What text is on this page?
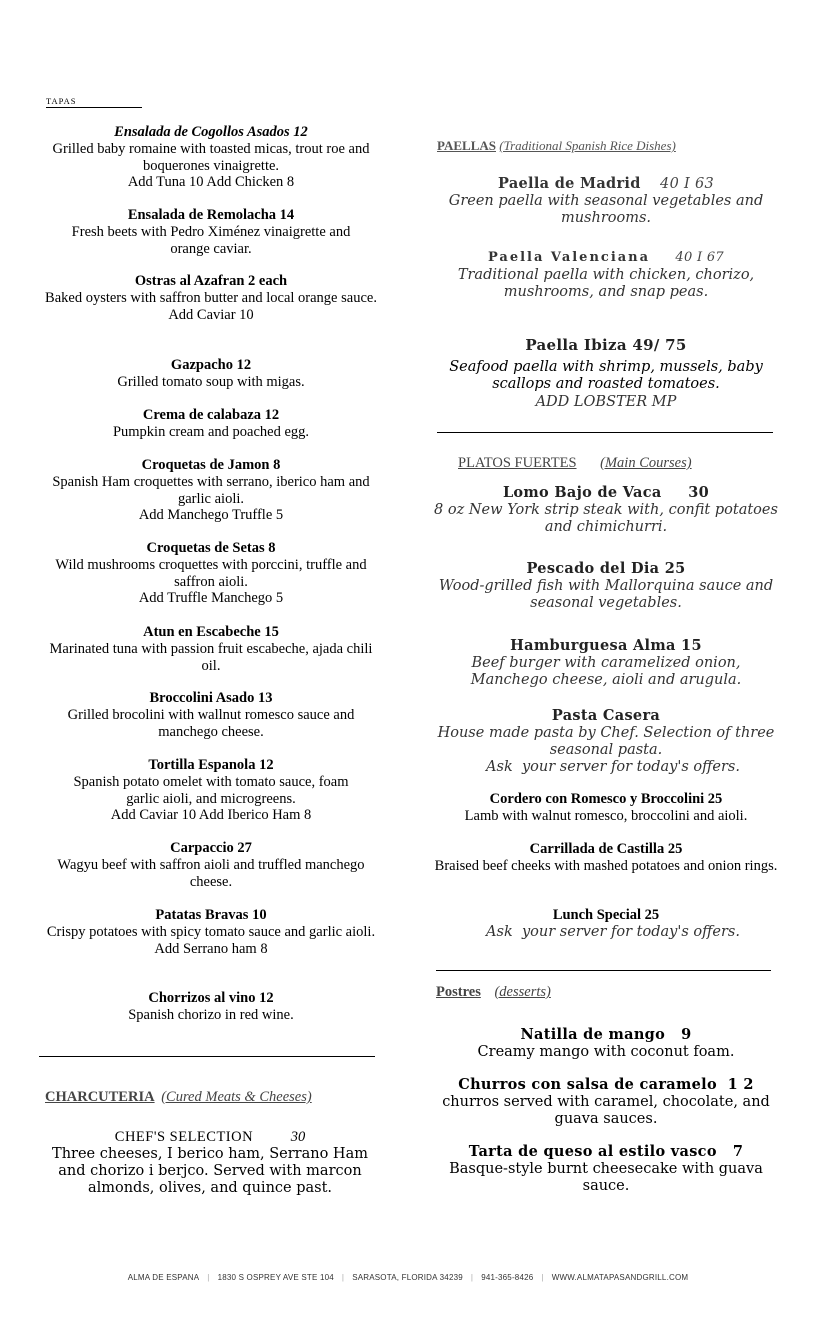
TAPAS
Ensalada de Cogollos Asados 12
Grilled baby romaine with toasted micas, trout roe and boquerones vinaigrette.
Add Tuna 10 Add Chicken 8
Ensalada de Remolacha 14
Fresh beets with Pedro Ximénez vinaigrette and orange caviar.
Ostras al Azafran 2 each
Baked oysters with saffron butter and local orange sauce.
Add Caviar 10
Gazpacho 12
Grilled tomato soup with migas.
Crema de calabaza 12
Pumpkin cream and poached egg.
Croquetas de Jamon 8
Spanish Ham croquettes with serrano, iberico ham and garlic aioli.
Add Manchego Truffle 5
Croquetas de Setas 8
Wild mushrooms croquettes with porccini, truffle and saffron aioli.
Add Truffle Manchego 5
Atun en Escabeche 15
Marinated tuna with passion fruit escabeche, ajada chili oil.
Broccolini Asado 13
Grilled brocolini with wallnut romesco sauce and manchego cheese.
Tortilla Espanola 12
Spanish potato omelet with tomato sauce, foam garlic aioli, and microgreens.
Add Caviar 10 Add Iberico Ham 8
Carpaccio 27
Wagyu beef with saffron aioli and truffled manchego cheese.
Patatas Bravas 10
Crispy potatoes with spicy tomato sauce and garlic aioli.
Add Serrano ham 8
Chorrizos al vino 12
Spanish chorizo in red wine.
CHARCUTERIA (Cured Meats & Cheeses)
CHEF'S SELECTION	30
Three cheeses, I berico ham, Serrano Ham and chorizo i berjco. Served with marcon almonds, olives, and quince past.
PAELLAS (Traditional Spanish Rice Dishes)
Paella de Madrid 40 I 63
Green paella with seasonal vegetables and mushrooms.
Paella Valenciana 40 I 67
Traditional paella with chicken, chorizo, mushrooms, and snap peas.
Paella Ibiza 49/ 75
Seafood paella with shrimp, mussels, baby scallops and roasted tomatoes.
ADD LOBSTER MP
PLATOS FUERTES (Main Courses)
Lomo Bajo de Vaca     30
8 oz New York strip steak with, confit potatoes and chimichurri.
Pescado del Dia 25
Wood-grilled fish with Mallorquina sauce and seasonal vegetables.
Hamburguesa Alma 15
Beef burger with caramelized onion, Manchego cheese, aioli and arugula.
Pasta Casera
House made pasta by Chef. Selection of three seasonal pasta.
Ask  your server for today's offers.
Cordero con Romesco y Broccolini 25
Lamb with walnut romesco, broccolini and aioli.
Carrillada de Castilla 25
Braised beef cheeks with mashed potatoes and onion rings.
Lunch Special 25
Ask  your server for today's offers.
Postres (desserts)
Natilla de mango   9
Creamy mango with coconut foam.
Churros con salsa de caramelo  1 2
churros served with caramel, chocolate, and guava sauces.
Tarta de queso al estilo vasco   7
Basque-style burnt cheesecake with guava sauce.
ALMA DE ESPANA | 1830 S OSPREY AVE STE 104 | SARASOTA, FLORIDA 34239 | 941-365-8426 | WWW.ALMATAPASANDGRILL.COM
